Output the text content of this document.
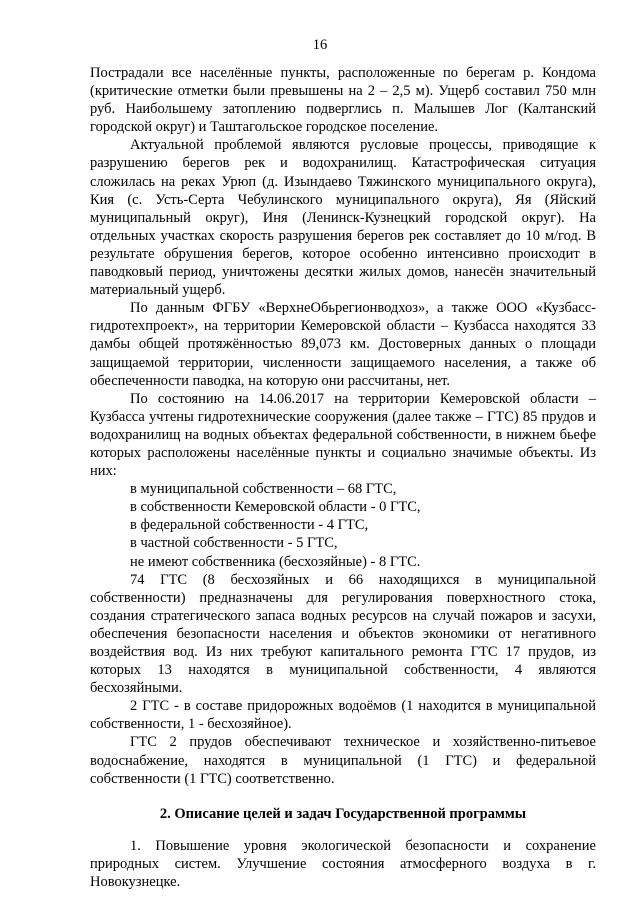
16

Пострадали все населённые пункты, расположенные по берегам р. Кондома (критические отметки были превышены на 2 – 2,5 м). Ущерб составил 750 млн руб. Наибольшему затоплению подверглись п. Малышев Лог (Калтанский городской округ) и Таштагольское городское поселение.

Актуальной проблемой являются русловые процессы, приводящие к разрушению берегов рек и водохранилищ. Катастрофическая ситуация сложилась на реках Урюп (д. Изындаево Тяжинского муниципального округа), Кия (с. Усть-Серта Чебулинского муниципального округа), Яя (Яйский муниципальный округ), Иня (Ленинск-Кузнецкий городской округ). На отдельных участках скорость разрушения берегов рек составляет до 10 м/год. В результате обрушения берегов, которое особенно интенсивно происходит в паводковый период, уничтожены десятки жилых домов, нанесён значительный материальный ущерб.

По данным ФГБУ «ВерхнеОбьрегионводхоз», а также ООО «Кузбасс-гидротехпроект», на территории Кемеровской области – Кузбасса находятся 33 дамбы общей протяжённостью 89,073 км. Достоверных данных о площади защищаемой территории, численности защищаемого населения, а также об обеспеченности паводка, на которую они рассчитаны, нет.

По состоянию на 14.06.2017 на территории Кемеровской области – Кузбасса учтены гидротехнические сооружения (далее также – ГТС) 85 прудов и водохранилищ на водных объектах федеральной собственности, в нижнем бьефе которых расположены населённые пункты и социально значимые объекты. Из них:

в муниципальной собственности – 68 ГТС,

в собственности Кемеровской области - 0 ГТС,

в федеральной собственности - 4 ГТС,

в частной собственности - 5 ГТС,

не имеют собственника (бесхозяйные) - 8 ГТС.

74 ГТС (8 бесхозяйных и 66 находящихся в муниципальной собственности) предназначены для регулирования поверхностного стока, создания стратегического запаса водных ресурсов на случай пожаров и засухи, обеспечения безопасности населения и объектов экономики от негативного воздействия вод. Из них требуют капитального ремонта ГТС 17 прудов, из которых 13 находятся в муниципальной собственности, 4 являются бесхозяйными.

2 ГТС - в составе придорожных водоёмов (1 находится в муниципальной собственности, 1 - бесхозяйное).

ГТС 2 прудов обеспечивают техническое и хозяйственно-питьевое водоснабжение, находятся в муниципальной (1 ГТС) и федеральной собственности (1 ГТС) соответственно.

2. Описание целей и задач Государственной программы

1. Повышение уровня экологической безопасности и сохранение природных систем. Улучшение состояния атмосферного воздуха в г. Новокузнецке.
